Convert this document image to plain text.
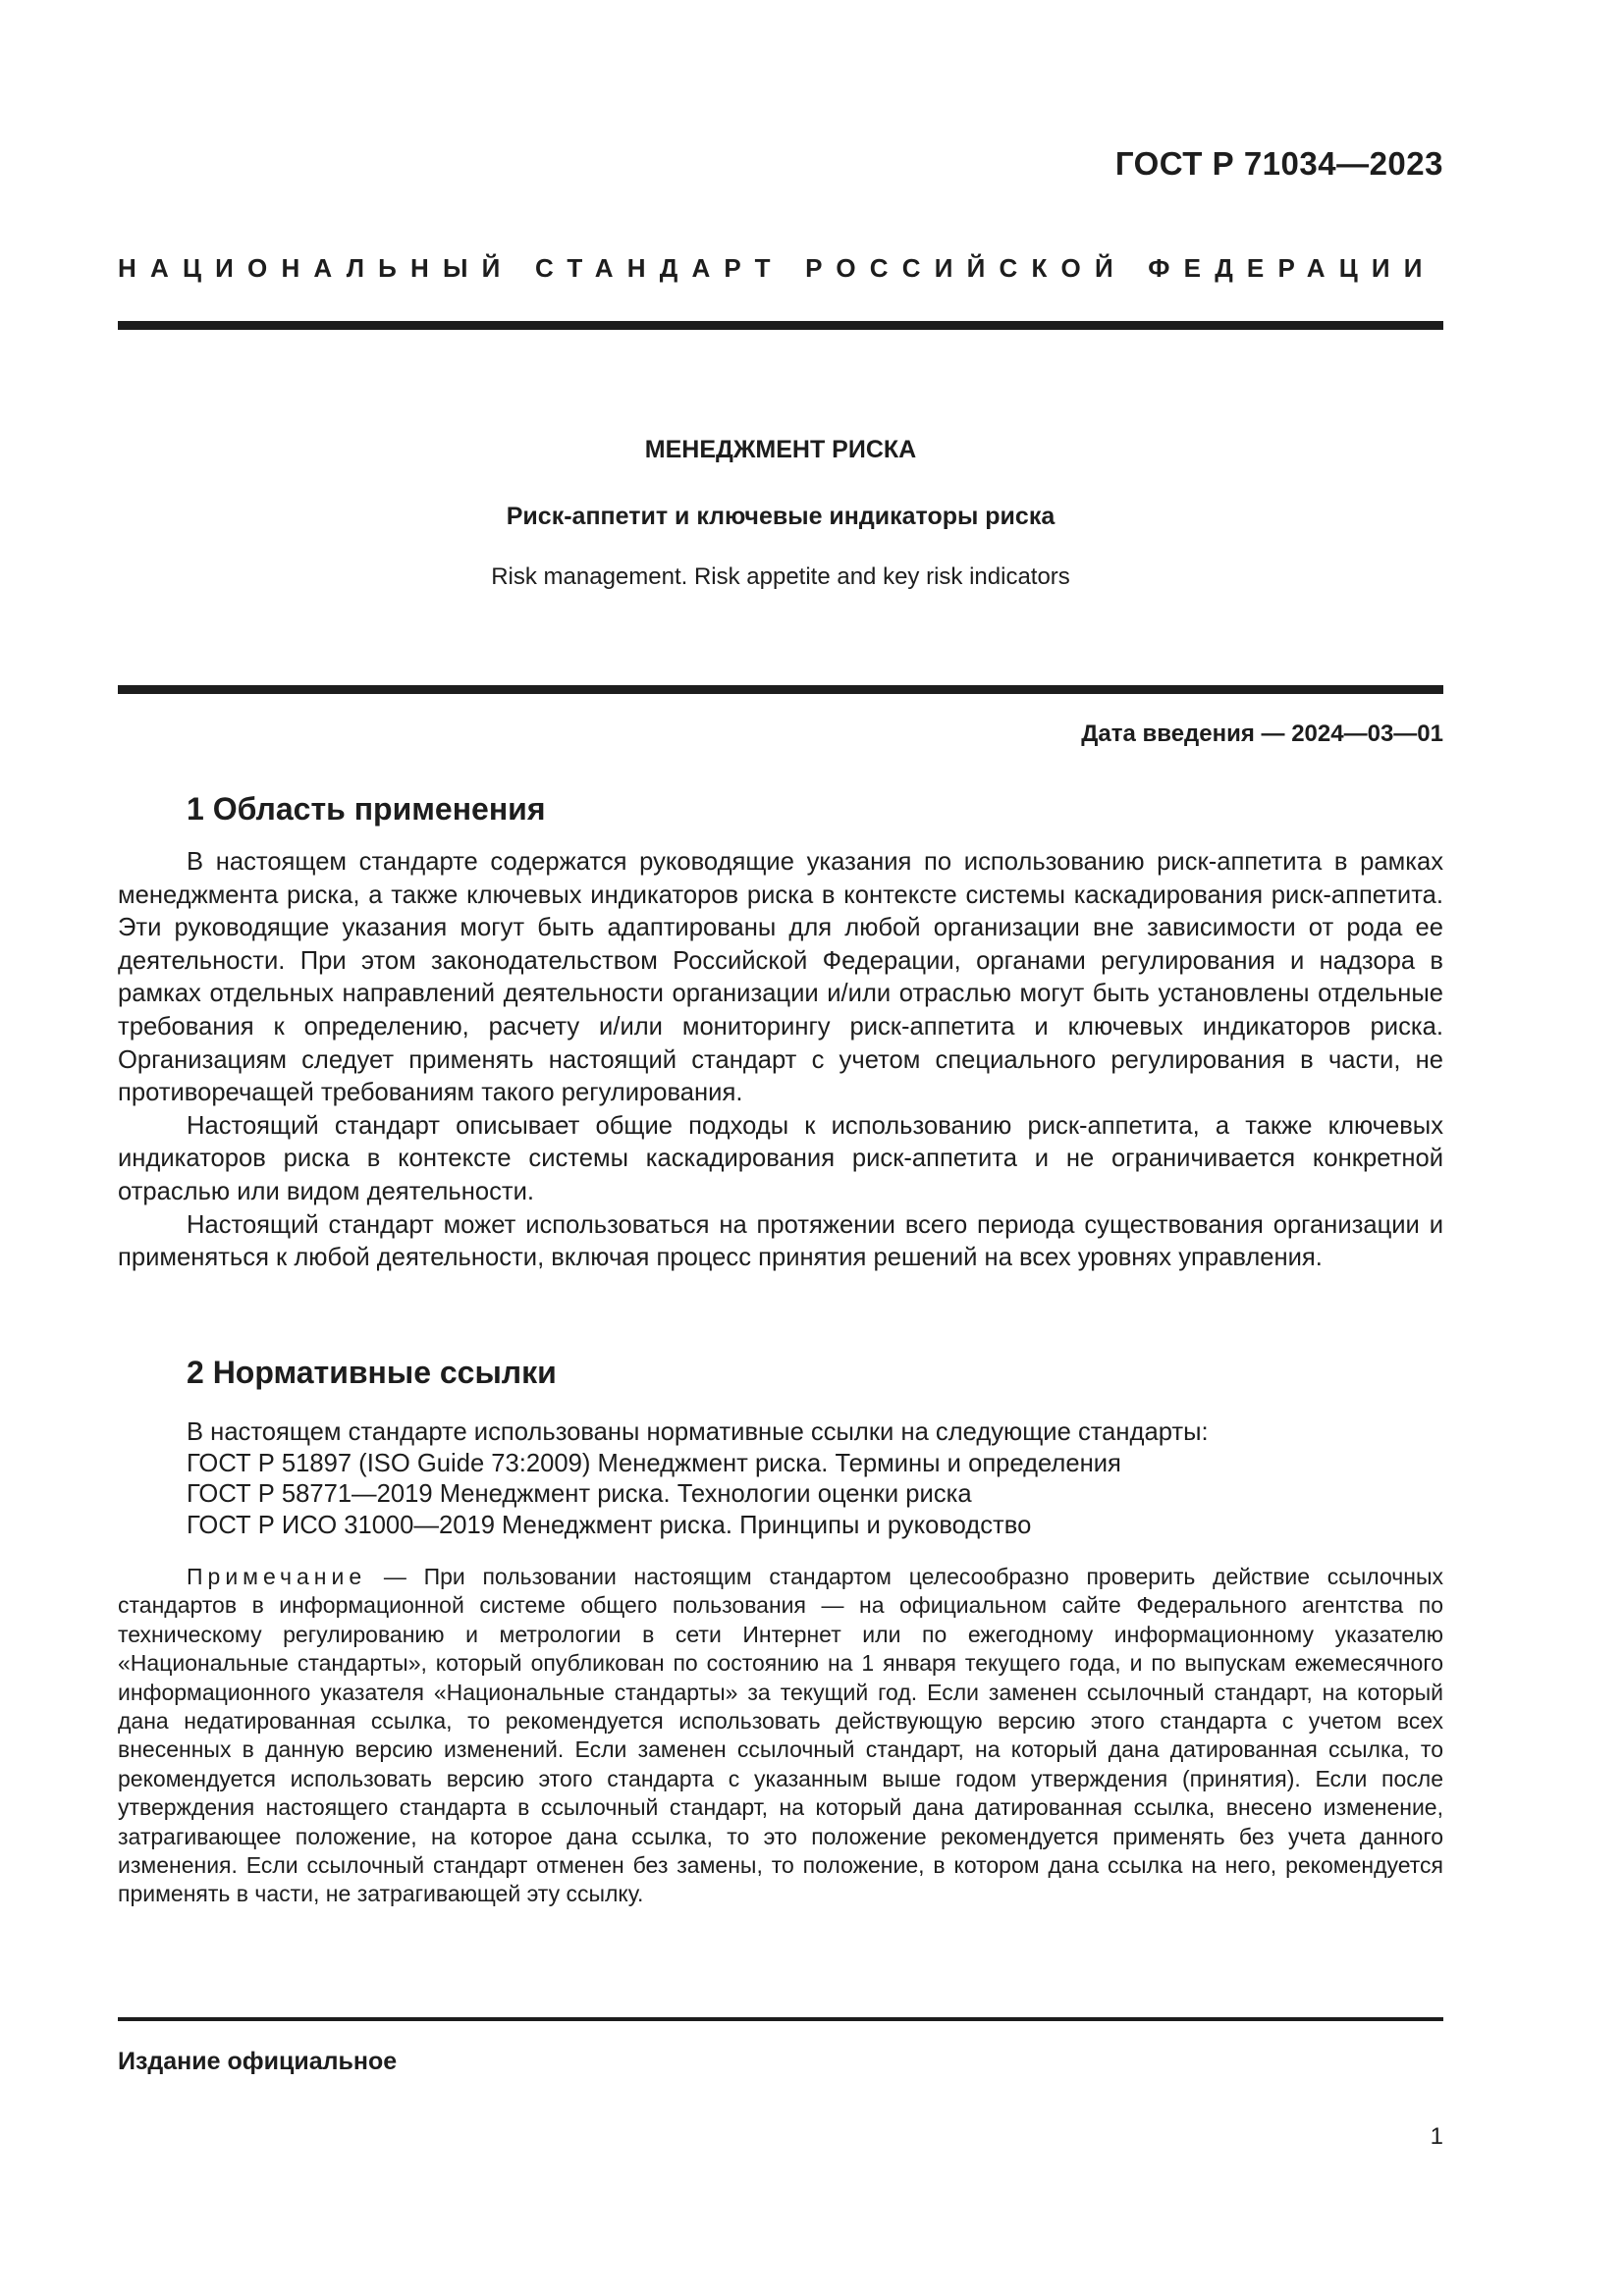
ГОСТ Р 71034—2023
НАЦИОНАЛЬНЫЙ СТАНДАРТ РОССИЙСКОЙ ФЕДЕРАЦИИ
МЕНЕДЖМЕНТ РИСКА
Риск-аппетит и ключевые индикаторы риска
Risk management. Risk appetite and key risk indicators
Дата введения — 2024—03—01
1 Область применения

В настоящем стандарте содержатся руководящие указания по использованию риск-аппетита в рамках менеджмента риска, а также ключевых индикаторов риска в контексте системы каскадирования риск-аппетита. Эти руководящие указания могут быть адаптированы для любой организации вне зависимости от рода ее деятельности. При этом законодательством Российской Федерации, органами регулирования и надзора в рамках отдельных направлений деятельности организации и/или отраслью могут быть установлены отдельные требования к определению, расчету и/или мониторингу риск-аппетита и ключевых индикаторов риска. Организациям следует применять настоящий стандарт с учетом специального регулирования в части, не противоречащей требованиям такого регулирования.

Настоящий стандарт описывает общие подходы к использованию риск-аппетита, а также ключевых индикаторов риска в контексте системы каскадирования риск-аппетита и не ограничивается конкретной отраслью или видом деятельности.

Настоящий стандарт может использоваться на протяжении всего периода существования организации и применяться к любой деятельности, включая процесс принятия решений на всех уровнях управления.

2 Нормативные ссылки
В настоящем стандарте использованы нормативные ссылки на следующие стандарты:
ГОСТ Р 51897 (ISO Guide 73:2009) Менеджмент риска. Термины и определения
ГОСТ Р 58771—2019 Менеджмент риска. Технологии оценки риска
ГОСТ Р ИСО 31000—2019 Менеджмент риска. Принципы и руководство

Примечание — При пользовании настоящим стандартом целесообразно проверить действие ссылочных стандартов в информационной системе общего пользования — на официальном сайте Федерального агентства по техническому регулированию и метрологии в сети Интернет или по ежегодному информационному указателю «Национальные стандарты», который опубликован по состоянию на 1 января текущего года, и по выпускам ежемесячного информационного указателя «Национальные стандарты» за текущий год. Если заменен ссылочный стандарт, на который дана недатированная ссылка, то рекомендуется использовать действующую версию этого стандарта с учетом всех внесенных в данную версию изменений. Если заменен ссылочный стандарт, на который дана датированная ссылка, то рекомендуется использовать версию этого стандарта с указанным выше годом утверждения (принятия). Если после утверждения настоящего стандарта в ссылочный стандарт, на который дана датированная ссылка, внесено изменение, затрагивающее положение, на которое дана ссылка, то это положение рекомендуется применять без учета данного изменения. Если ссылочный стандарт отменен без замены, то положение, в котором дана ссылка на него, рекомендуется применять в части, не затрагивающей эту ссылку.

Издание официальное
1
